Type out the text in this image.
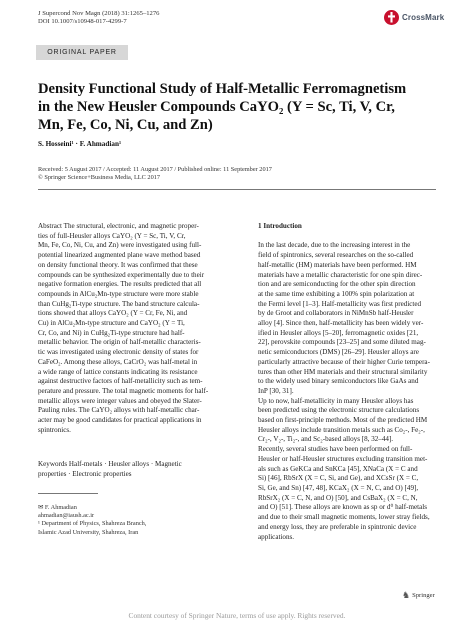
J Supercond Nov Magn (2018) 31:1265–1276
DOI 10.1007/s10948-017-4299-7	CrossMark
ORIGINAL PAPER
Density Functional Study of Half-Metallic Ferromagnetism
in the New Heusler Compounds CaYO₂ (Y = Sc, Ti, V, Cr,
Mn, Fe, Co, Ni, Cu, and Zn)
S. Hosseini¹ · F. Ahmadian¹
Received: 5 August 2017 / Accepted: 11 August 2017 / Published online: 11 September 2017
© Springer Science+Business Media, LLC 2017
Abstract The structural, electronic, and magnetic proper-
ties of full-Heusler alloys CaYO₂ (Y = Sc, Ti, V, Cr,
Mn, Fe, Co, Ni, Cu, and Zn) were investigated using full-
potential linearized augmented plane wave method based
on density functional theory. It was confirmed that these
compounds can be synthesized experimentally due to their
negative formation energies. The results predicted that all
compounds in AlCu₂Mn-type structure were more stable
than CuHg₂Ti-type structure. The band structure calcula-
tions showed that alloys CaYO₂ (Y = Cr, Fe, Ni, and
Cu) in AlCu₂Mn-type structure and CaYO₂ (Y = Ti,
Cr, Co, and Ni) in CuHg₂Ti-type structure had half-
metallic behavior. The origin of half-metallic characteris-
tic was investigated using electronic density of states for
CaFeO₂. Among these alloys, CaCrO₂ was half-metal in
a wide range of lattice constants indicating its resistance
against destructive factors of half-metallicity such as tem-
perature and pressure. The total magnetic moments for half-
metallic alloys were integer values and obeyed the Slater-
Pauling rules. The CaYO₂ alloys with half-metallic char-
acter may be good candidates for practical applications in
spintronics.
Keywords Half-metals · Heusler alloys · Magnetic
properties · Electronic properties
✉ F. Ahmadian
ahmadian@iaush.ac.ir
¹ Department of Physics, Shahreza Branch,
Islamic Azad University, Shahreza, Iran
1 Introduction

In the last decade, due to the increasing interest in the
field of spintronics, several researches on the so-called
half-metallic (HM) materials have been performed. HM
materials have a metallic characteristic for one spin direc-
tion and are semiconducting for the other spin direction
at the same time exhibiting a 100% spin polarization at
the Fermi level [1–3]. Half-metallicity was first predicted
by de Groot and collaborators in NiMnSb half-Heusler
alloy [4]. Since then, half-metallicity has been widely ver-
ified in Heusler alloys [5–20], ferromagnetic oxides [21,
22], perovskite compounds [23–25] and some diluted mag-
netic semiconductors (DMS) [26–29]. Heusler alloys are
particularly attractive because of their higher Curie tempera-
tures than other HM materials and their structural similarity
to the widely used binary semiconductors like GaAs and
InP [30, 31].
Up to now, half-metallicity in many Heusler alloys has
been predicted using the electronic structure calculations
based on first-principle methods. Most of the predicted HM
Heusler alloys include transition metals such as Co₂-, Fe₂-,
Cr₂-, V₂-, Ti₂-, and Sc₂-based alloys [8, 32–44].
Recently, several studies have been performed on full-
Heusler or half-Heusler structures excluding transition met-
als such as GeKCa and SnKCa [45], XNaCa (X = C and
Si) [46], RbSrX (X = C, Si, and Ge), and XCsSr (X = C,
Si, Ge, and Sn) [47, 48], KCaX₂ (X = N, C, and O) [49],
RbSrX₂ (X = C, N, and O) [50], and CsBaX₂ (X = C, N,
and O) [51]. These alloys are known as sp or d⁰ half-metals
and due to their small magnetic moments, lower stray fields,
and energy loss, they are preferable in spintronic device
applications.
♞ Springer
Content courtesy of Springer Nature, terms of use apply. Rights reserved.
